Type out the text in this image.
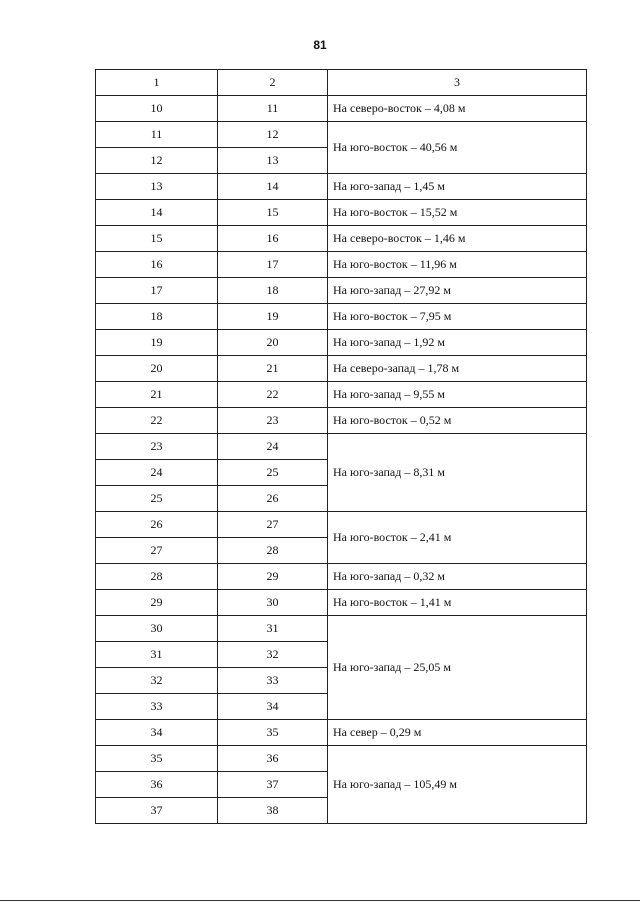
81
1	2	3
10	11	На северо-восток – 4,08 м
11	12	На юго-восток – 40,56 м
12	13	
13	14	На юго-запад – 1,45 м
14	15	На юго-восток – 15,52 м
15	16	На северо-восток – 1,46 м
16	17	На юго-восток – 11,96 м
17	18	На юго-запад – 27,92 м
18	19	На юго-восток – 7,95 м
19	20	На юго-запад – 1,92 м
20	21	На северо-запад – 1,78 м
21	22	На юго-запад – 9,55 м
22	23	На юго-восток – 0,52 м
23	24	На юго-запад – 8,31 м
24	25	
25	26	
26	27	На юго-восток – 2,41 м
27	28	
28	29	На юго-запад – 0,32 м
29	30	На юго-восток – 1,41 м
30	31	На юго-запад – 25,05 м
31	32	
32	33	
33	34	
34	35	На север – 0,29 м
35	36	На юго-запад – 105,49 м
36	37	
37	38	
